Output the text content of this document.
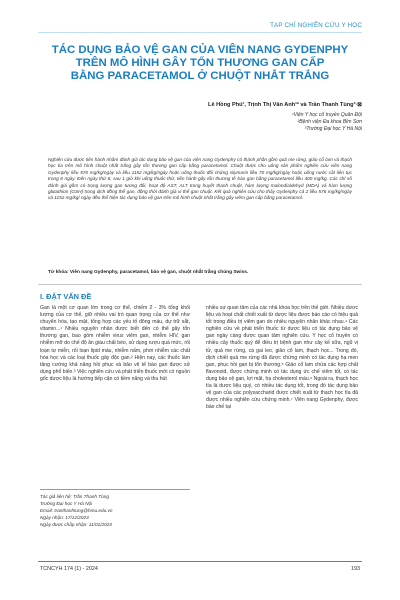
TẠP CHÍ NGHIÊN CỨU Y HỌC
TÁC DỤNG BẢO VỆ GAN CỦA VIÊN NANG GYDENPHY
TRÊN MÔ HÌNH GÂY TỔN THƯƠNG GAN CẤP
BẰNG PARACETAMOL Ở CHUỘT NHẮT TRẮNG
Lê Hồng Phú¹, Trịnh Thị Vân Anh¹² và Trần Thanh Tùng³·⊠
¹Viện Y học cổ truyền Quân Đội
²Bệnh viện Đa khoa Bỉm Sơn
³Trường Đại học Y Hà Nội
Nghiên cứu được tiến hành nhằm đánh giá tác dụng bảo vệ gan của viên nang Gydenphy có thành phần gồm quả me rừng, giảo cổ lam và thạch học tía trên mô hình chuột nhắt trắng gây tổn thương gan cấp bằng paracetamol. Chuột được cho uống sản phẩm nghiên cứu viên nang Gydenphy liều 576 mg/kg/ngày và liều 1152 mg/kg/ngày hoặc uống thuốc đối chứng silymarin liều 70 mg/kg/ngày hoặc uống nước cất liên tục trong 8 ngày. Đến ngày thứ 8, sau 1 giờ khi uống thuốc thử, tiến hành gây tổn thương tế bào gan bằng paracetamol liều 400 mg/kg. Các chỉ số đánh giá gồm có trọng lượng gan tương đối, hoạt độ AST, ALT trong huyết thanh chuột, hàm lượng malondialdehyd (MDA) và hàm lượng glutathion (GSH) trong dịch đồng thể gan, đồng thời đánh giá vi thể gan chuột. Kết quả nghiên cứu cho thấy Gydenphy cả 2 liều 576 mg/kg/ngày và 1152 mg/kg/ ngày đều thể hiện tác dụng bảo vệ gan trên mô hình chuột nhắt trắng gây viêm gan cấp bằng paracetamol.
Từ khóa: Viên nang Gydenphy, paracetamol, bảo vệ gan, chuột nhắt trắng chủng Swiss.
I. ĐẶT VẤN ĐỀ
Gan là một cơ quan lớn trong cơ thể, chiếm 2 - 3% tổng khối lượng của cơ thể, giữ nhiều vai trò quan trọng của cơ thể như chuyển hóa, tạo mật, tổng hợp các yếu tố đông máu, dự trữ sắt, vitamin...¹ Nhiều nguyên nhân được biết đến có thể gây tổn thương gan, bao gồm nhiễm virus viêm gan, nhiễm HIV, gan nhiễm mỡ do chế độ ăn giàu chất béo, sử dụng rượu quá mức, rối loạn tự miễn, rối loạn lipid máu, nhiễm nấm, phơi nhiễm các chất hóa học và các loại thuốc gây độc gan.² Hiện nay, các thuốc làm tăng cường khả năng hồi phục và bảo vệ tế bào gan được sử dụng phổ biến.³ Việc nghiên cứu và phát triển thuốc mới có nguồn gốc dược liệu là hướng tiếp cận có tiềm năng và thu hút
nhiều sự quan tâm của các nhà khoa học trên thế giới. Nhiều dược liệu và hoạt chất chiết xuất từ dược liệu được báo cáo có hiệu quả tốt trong điều trị viêm gan do nhiều nguyên nhân khác nhau.⁴ Các nghiên cứu về phát triển thuốc từ dược liệu có tác dụng bảo vệ gan ngày càng được quan tâm nghiên cứu. Y học cổ truyền có nhiều cây thuốc quý để điều trị bệnh gan như cây kế sữa, ngũ vị tử, quả me rừng, cà gai leo, giảo cổ lam, thạch học... Trong đó, dịch chiết quả me rừng đã được chứng minh có tác dụng hạ men gan, phục hồi gan bị tổn thương.⁵ Giảo cổ lam chứa các hợp chất flavonoid, được chứng minh có tác dụng ức chế viêm tốt, có tác dụng bảo vệ gan, lợi mật, hạ cholesterol máu.⁶ Ngoài ra, thạch học tía là dược liệu quý, có nhiều tác dụng tốt, trong đó tác dụng bảo vệ gan của các polysaccharid được chiết xuất từ thạch học tía đã được nhiều nghiên cứu chứng minh.⁷ Viên nang Gydenphy, được bào chế tại
Tác giả liên hệ: Trần Thanh Tùng
Trường Đại học Y Hà Nội
Email: tranthanhtung@hmu.edu.vn
Ngày nhận: 17/12/2023
Ngày được chấp nhận: 11/01/2024
TCNCYH 174 (1) - 2024	193
